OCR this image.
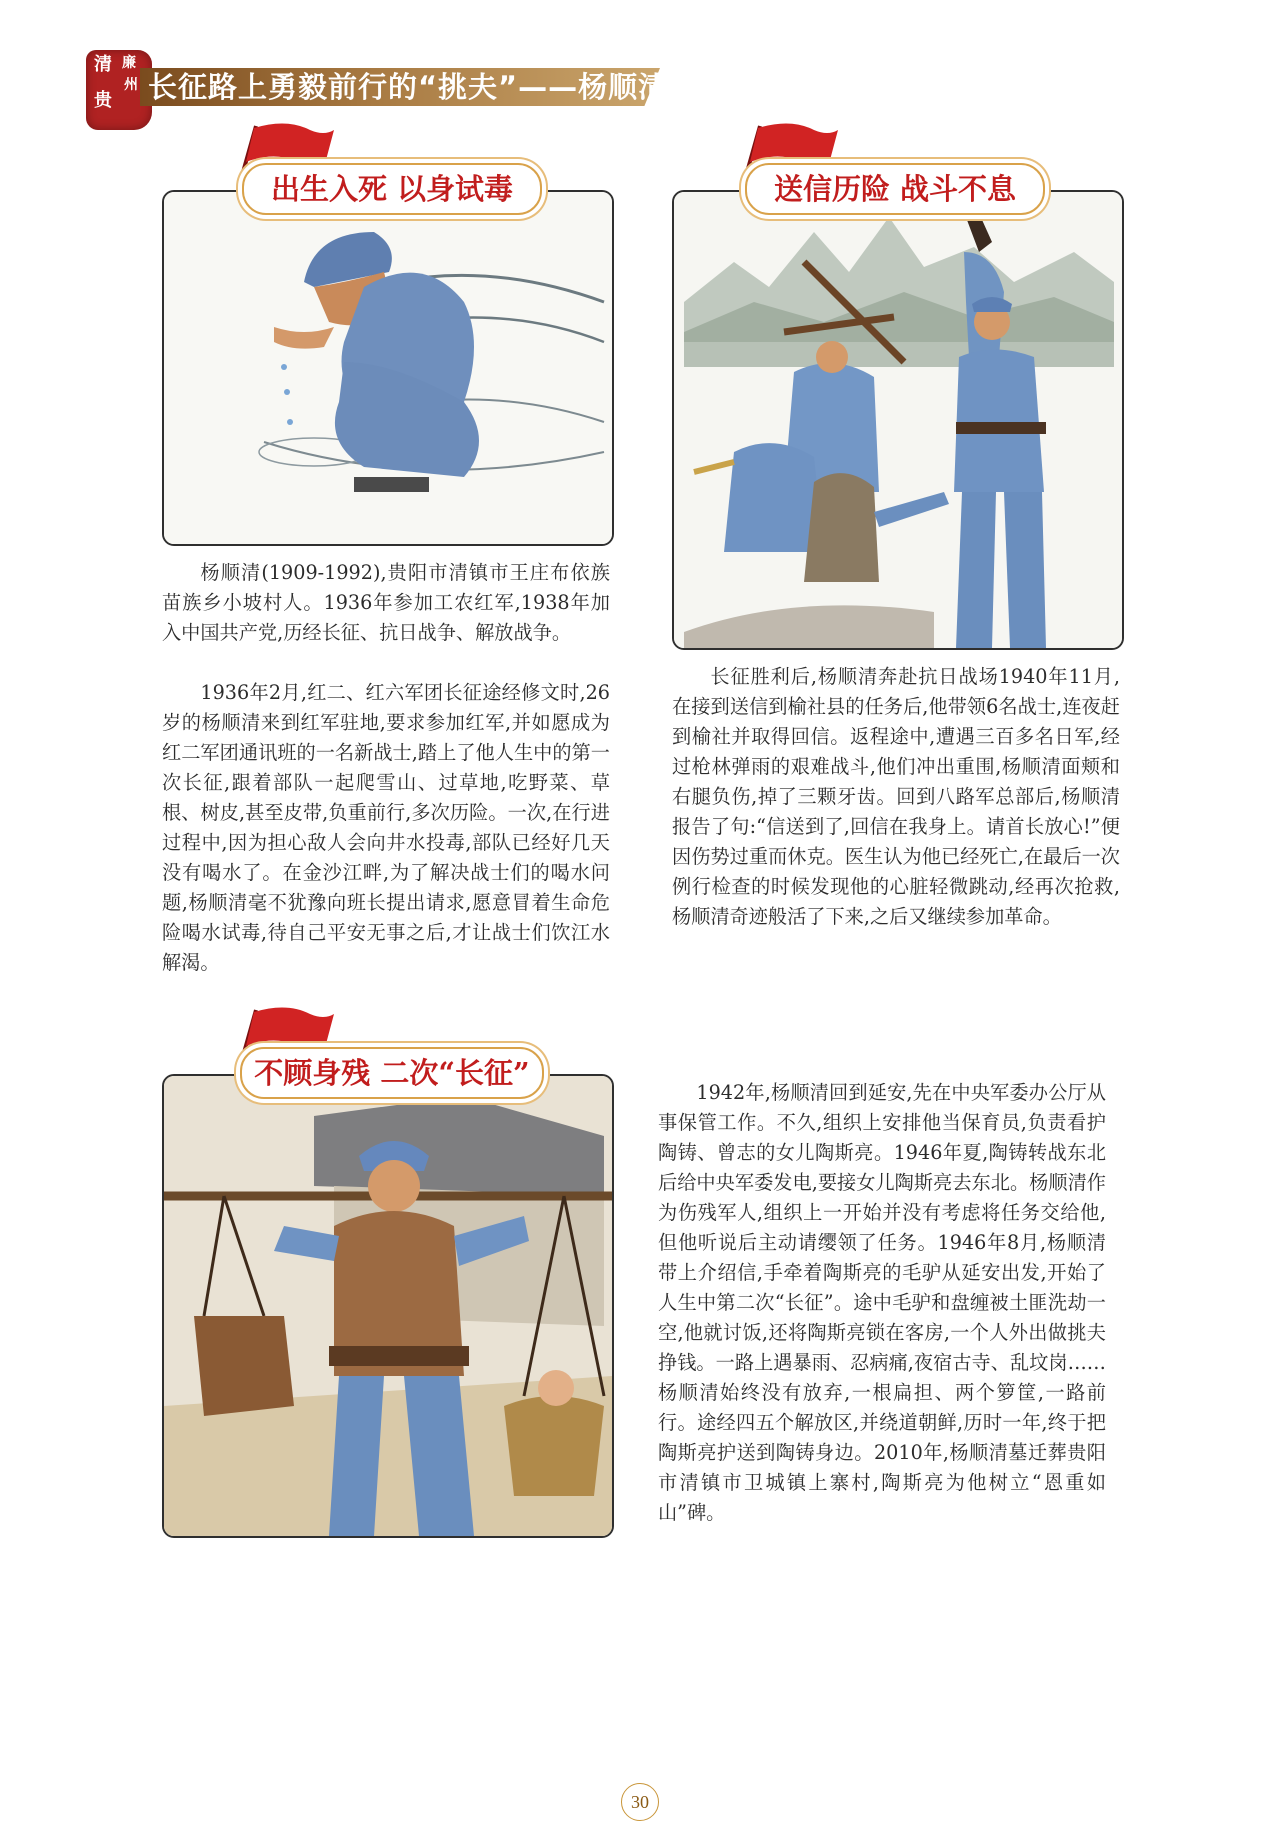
清 廉
贵
州 长征路上勇毅前行的“挑夫”——杨顺清
出生入死 以身试毒

杨顺清(1909-1992),贵阳市清镇市王庄布依族苗族乡小坡村人。1936年参加工农红军,1938年加入中国共产党,历经长征、抗日战争、解放战争。

1936年2月,红二、红六军团长征途经修文时,26岁的杨顺清来到红军驻地,要求参加红军,并如愿成为红二军团通讯班的一名新战士,踏上了他人生中的第一次长征,跟着部队一起爬雪山、过草地,吃野菜、草根、树皮,甚至皮带,负重前行,多次历险。一次,在行进过程中,因为担心敌人会向井水投毒,部队已经好几天没有喝水了。在金沙江畔,为了解决战士们的喝水问题,杨顺清毫不犹豫向班长提出请求,愿意冒着生命危险喝水试毒,待自己平安无事之后,才让战士们饮江水解渴。

送信历险 战斗不息

长征胜利后,杨顺清奔赴抗日战场1940年11月,在接到送信到榆社县的任务后,他带领6名战士,连夜赶到榆社并取得回信。返程途中,遭遇三百多名日军,经过枪林弹雨的艰难战斗,他们冲出重围,杨顺清面颊和右腿负伤,掉了三颗牙齿。回到八路军总部后,杨顺清报告了句:“信送到了,回信在我身上。请首长放心!”便因伤势过重而休克。医生认为他已经死亡,在最后一次例行检查的时候发现他的心脏轻微跳动,经再次抢救,杨顺清奇迹般活了下来,之后又继续参加革命。

不顾身残 二次“长征”

1942年,杨顺清回到延安,先在中央军委办公厅从事保管工作。不久,组织上安排他当保育员,负责看护陶铸、曾志的女儿陶斯亮。1946年夏,陶铸转战东北后给中央军委发电,要接女儿陶斯亮去东北。杨顺清作为伤残军人,组织上一开始并没有考虑将任务交给他,但他听说后主动请缨领了任务。1946年8月,杨顺清带上介绍信,手牵着陶斯亮的毛驴从延安出发,开始了人生中第二次“长征”。途中毛驴和盘缠被土匪洗劫一空,他就讨饭,还将陶斯亮锁在客房,一个人外出做挑夫挣钱。一路上遇暴雨、忍病痛,夜宿古寺、乱坟岗……杨顺清始终没有放弃,一根扁担、两个箩筐,一路前行。途经四五个解放区,并绕道朝鲜,历时一年,终于把陶斯亮护送到陶铸身边。2010年,杨顺清墓迁葬贵阳市清镇市卫城镇上寨村,陶斯亮为他树立“恩重如山”碑。

30
